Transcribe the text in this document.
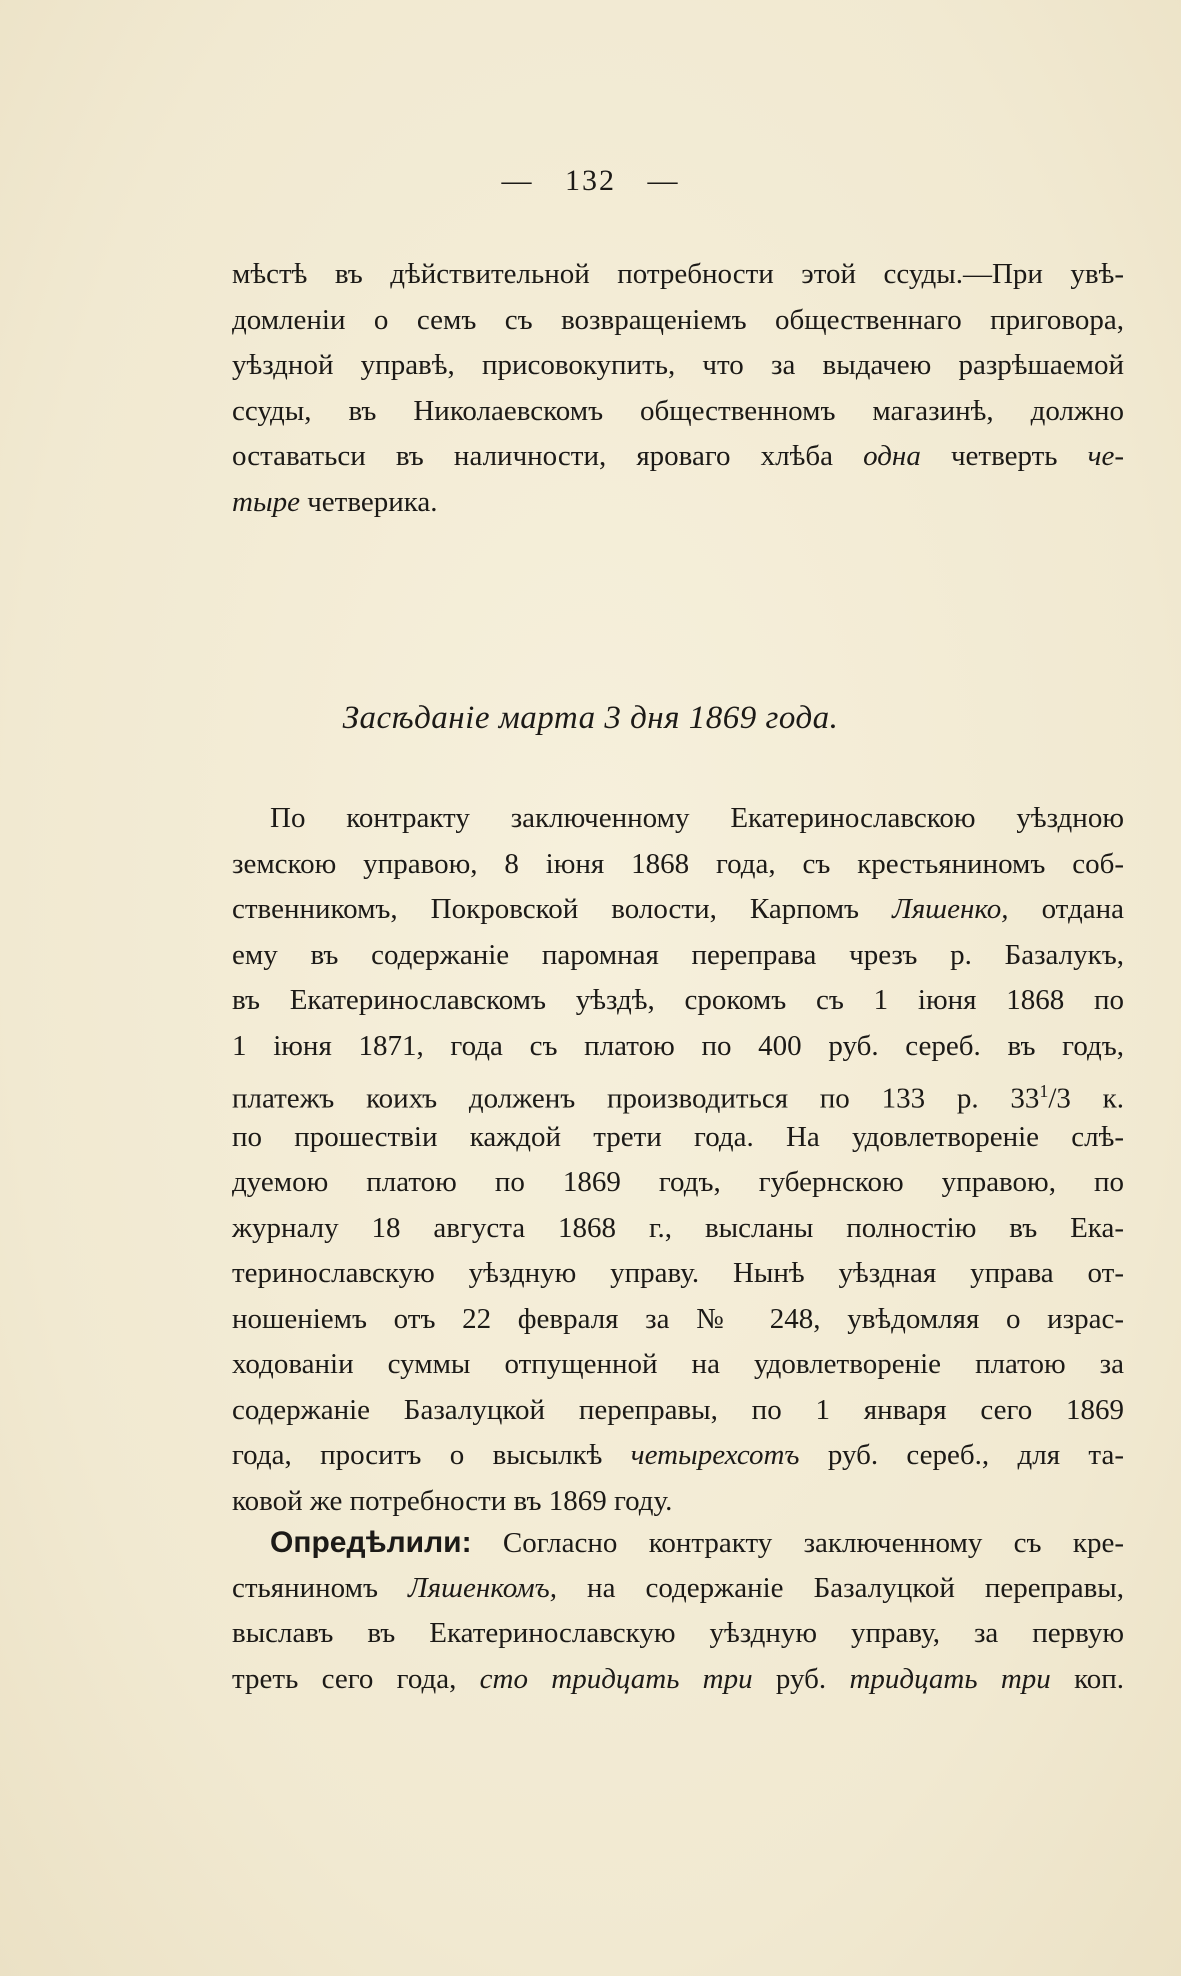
— 132 —
мѣстѣ въ дѣйствительной потребности этой ссуды.—При увѣ-
домленіи о семъ съ возвращеніемъ общественнаго приговора,
уѣздной управѣ, присовокупить, что за выдачею разрѣшаемой
ссуды, въ Николаевскомъ общественномъ магазинѣ, должно
оставатьси въ наличности, яроваго хлѣба одна четверть че-
тыре четверика.
Засѣданіе марта 3 дня 1869 года.
По контракту заключенному Екатеринославскою уѣздною
земскою управою, 8 іюня 1868 года, съ крестьяниномъ соб-
ственникомъ, Покровской волости, Карпомъ Ляшенко, отдана
ему въ содержаніе паромная переправа чрезъ р. Базалукъ,
въ Екатеринославскомъ уѣздѣ, срокомъ съ 1 іюня 1868 по
1 іюня 1871, года съ платою по 400 руб. сереб. въ годъ,
платежъ коихъ долженъ производиться по 133 р. $33^1/3$ к.
по прошествіи каждой трети года. На удовлетвореніе слѣ-
дуемою платою по 1869 годъ, губернскою управою, по
журналу 18 августа 1868 г., высланы полностію въ Ека-
теринославскую уѣздную управу. Нынѣ уѣздная управа от-
ношеніемъ отъ 22 февраля за № 248, увѣдомляя о израс-
ходованіи суммы отпущенной на удовлетвореніе платою за
содержаніе Базалуцкой переправы, по 1 января сего 1869
года, проситъ о высылкѣ четырехсотъ руб. сереб., для та-
ковой же потребности въ 1869 году.
Опредѣлили: Согласно контракту заключенному съ кре-
стьяниномъ Ляшенкомъ, на содержаніе Базалуцкой переправы,
выславъ въ Екатеринославскую уѣздную управу, за первую
треть сего года, сто тридцать три руб. тридцать три коп.
